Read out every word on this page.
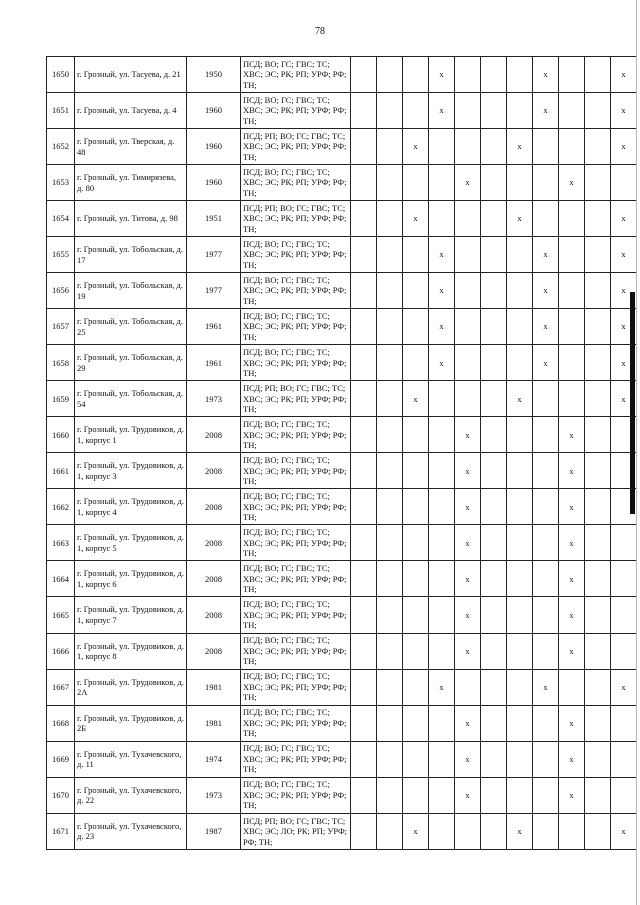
78
1650	г. Грозный, ул. Тасуева, д. 21	1950	ПСД; ВО; ГС; ГВС; ТС; ХВС; ЭС; РК; РП; УРФ; РФ; ТН;				x				x			x
1651	г. Грозный, ул. Тасуева, д. 4	1960	ПСД; ВО; ГС; ГВС; ТС; ХВС; ЭС; РК; РП; УРФ; РФ; ТН;				x				x			x
1652	г. Грозный, ул. Тверская, д. 48	1960	ПСД; РП; ВО; ГС; ГВС; ТС; ХВС; ЭС; РК; РП; УРФ; РФ; ТН;			x				x				x
1653	г. Грозный, ул. Тимирязева, д. 80	1960	ПСД; ВО; ГС; ГВС; ТС; ХВС; ЭС; РК; РП; УРФ; РФ; ТН;					x				x		
1654	г. Грозный, ул. Титова, д. 98	1951	ПСД; РП; ВО; ГС; ГВС; ТС; ХВС; ЭС; РК; РП; УРФ; РФ; ТН;			x				x				x
1655	г. Грозный, ул. Тобольская, д. 17	1977	ПСД; ВО; ГС; ГВС; ТС; ХВС; ЭС; РК; РП; УРФ; РФ; ТН;				x				x			x
1656	г. Грозный, ул. Тобольская, д. 19	1977	ПСД; ВО; ГС; ГВС; ТС; ХВС; ЭС; РК; РП; УРФ; РФ; ТН;				x				x			x
1657	г. Грозный, ул. Тобольская, д. 25	1961	ПСД; ВО; ГС; ГВС; ТС; ХВС; ЭС; РК; РП; УРФ; РФ; ТН;				x				x			x
1658	г. Грозный, ул. Тобольская, д. 29	1961	ПСД; ВО; ГС; ГВС; ТС; ХВС; ЭС; РК; РП; УРФ; РФ; ТН;				x				x			x
1659	г. Грозный, ул. Тобольская, д. 54	1973	ПСД; РП; ВО; ГС; ГВС; ТС; ХВС; ЭС; РК; РП; УРФ; РФ; ТН;			x				x				x
1660	г. Грозный, ул. Трудовиков, д. 1, корпус 1	2008	ПСД; ВО; ГС; ГВС; ТС; ХВС; ЭС; РК; РП; УРФ; РФ; ТН;					x				x		
1661	г. Грозный, ул. Трудовиков, д. 1, корпус 3	2008	ПСД; ВО; ГС; ГВС; ТС; ХВС; ЭС; РК; РП; УРФ; РФ; ТН;					x				x		
1662	г. Грозный, ул. Трудовиков, д. 1, корпус 4	2008	ПСД; ВО; ГС; ГВС; ТС; ХВС; ЭС; РК; РП; УРФ; РФ; ТН;					x				x		
1663	г. Грозный, ул. Трудовиков, д. 1, корпус 5	2008	ПСД; ВО; ГС; ГВС; ТС; ХВС; ЭС; РК; РП; УРФ; РФ; ТН;					x				x		
1664	г. Грозный, ул. Трудовиков, д. 1, корпус 6	2008	ПСД; ВО; ГС; ГВС; ТС; ХВС; ЭС; РК; РП; УРФ; РФ; ТН;					x				x		
1665	г. Грозный, ул. Трудовиков, д. 1, корпус 7	2008	ПСД; ВО; ГС; ГВС; ТС; ХВС; ЭС; РК; РП; УРФ; РФ; ТН;					x				x		
1666	г. Грозный, ул. Трудовиков, д. 1, корпус 8	2008	ПСД; ВО; ГС; ГВС; ТС; ХВС; ЭС; РК; РП; УРФ; РФ; ТН;					x				x		
1667	г. Грозный, ул. Трудовиков, д. 2А	1981	ПСД; ВО; ГС; ГВС; ТС; ХВС; ЭС; РК; РП; УРФ; РФ; ТН;				x				x			x
1668	г. Грозный, ул. Трудовиков, д. 2Б	1981	ПСД; ВО; ГС; ГВС; ТС; ХВС; ЭС; РК; РП; УРФ; РФ; ТН;					x				x		
1669	г. Грозный, ул. Тухачевского, д. 11	1974	ПСД; ВО; ГС; ГВС; ТС; ХВС; ЭС; РК; РП; УРФ; РФ; ТН;					x				x		
1670	г. Грозный, ул. Тухачевского, д. 22	1973	ПСД; ВО; ГС; ГВС; ТС; ХВС; ЭС; РК; РП; УРФ; РФ; ТН;					x				x		
1671	г. Грозный, ул. Тухачевского, д. 23	1987	ПСД; РП; ВО; ГС; ГВС; ТС; ХВС; ЭС; ЛО; РК; РП; УРФ; РФ; ТН;			x				x				x
